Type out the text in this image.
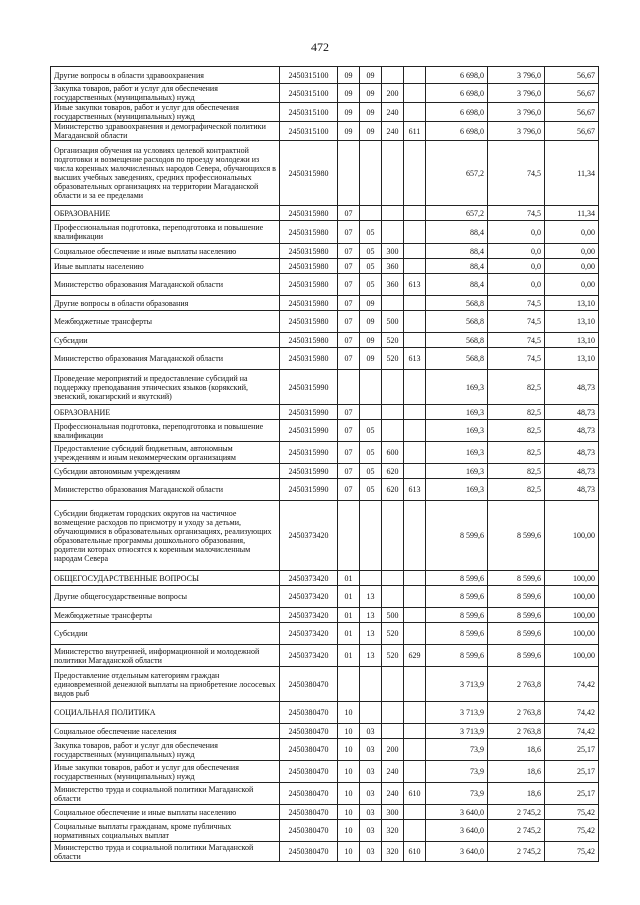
472
Другие вопросы в области здравоохранения	2450315100	09	09			6 698,0	3 796,0	56,67
Закупка товаров, работ и услуг для обеспечения государственных (муниципальных) нужд	2450315100	09	09	200		6 698,0	3 796,0	56,67
Иные закупки товаров, работ и услуг для обеспечения государственных (муниципальных) нужд	2450315100	09	09	240		6 698,0	3 796,0	56,67
Министерство здравоохранения и демографической политики Магаданской области	2450315100	09	09	240	611	6 698,0	3 796,0	56,67
Организация обучения на условиях целевой контрактной подготовки и возмещение расходов по проезду молодежи из числа коренных малочисленных народов Севера, обучающихся в высших учебных заведениях, средних профессиональных образовательных организациях на территории Магаданской области и за ее пределами	2450315980					657,2	74,5	11,34
ОБРАЗОВАНИЕ	2450315980	07				657,2	74,5	11,34
Профессиональная подготовка, переподготовка и повышение квалификации	2450315980	07	05			88,4	0,0	0,00
Социальное обеспечение и иные выплаты населению	2450315980	07	05	300		88,4	0,0	0,00
Иные выплаты населению	2450315980	07	05	360		88,4	0,0	0,00
Министерство образования Магаданской области	2450315980	07	05	360	613	88,4	0,0	0,00
Другие вопросы в области образования	2450315980	07	09			568,8	74,5	13,10
Межбюджетные трансферты	2450315980	07	09	500		568,8	74,5	13,10
Субсидии	2450315980	07	09	520		568,8	74,5	13,10
Министерство образования Магаданской области	2450315980	07	09	520	613	568,8	74,5	13,10
Проведение мероприятий и предоставление субсидий на поддержку преподавания этнических языков (корякский, эвенский, юкагирский и якутский)	2450315990					169,3	82,5	48,73
ОБРАЗОВАНИЕ	2450315990	07				169,3	82,5	48,73
Профессиональная подготовка, переподготовка и повышение квалификации	2450315990	07	05			169,3	82,5	48,73
Предоставление субсидий бюджетным, автономным учреждениям и иным некоммерческим организациям	2450315990	07	05	600		169,3	82,5	48,73
Субсидии автономным учреждениям	2450315990	07	05	620		169,3	82,5	48,73
Министерство образования Магаданской области	2450315990	07	05	620	613	169,3	82,5	48,73
Субсидии бюджетам городских округов на частичное возмещение расходов по присмотру и уходу за детьми, обучающимися в образовательных организациях, реализующих образовательные программы дошкольного образования, родители которых относятся к коренным малочисленным народам Севера	2450373420					8 599,6	8 599,6	100,00
ОБЩЕГОСУДАРСТВЕННЫЕ ВОПРОСЫ	2450373420	01				8 599,6	8 599,6	100,00
Другие общегосударственные вопросы	2450373420	01	13			8 599,6	8 599,6	100,00
Межбюджетные трансферты	2450373420	01	13	500		8 599,6	8 599,6	100,00
Субсидии	2450373420	01	13	520		8 599,6	8 599,6	100,00
Министерство внутренней, информационной и молодежной политики Магаданской области	2450373420	01	13	520	629	8 599,6	8 599,6	100,00
Предоставление отдельным категориям граждан единовременной денежной выплаты на приобретение лососевых видов рыб	2450380470					3 713,9	2 763,8	74,42
СОЦИАЛЬНАЯ ПОЛИТИКА	2450380470	10				3 713,9	2 763,8	74,42
Социальное обеспечение населения	2450380470	10	03			3 713,9	2 763,8	74,42
Закупка товаров, работ и услуг для обеспечения государственных (муниципальных) нужд	2450380470	10	03	200		73,9	18,6	25,17
Иные закупки товаров, работ и услуг для обеспечения государственных (муниципальных) нужд	2450380470	10	03	240		73,9	18,6	25,17
Министерство труда и социальной политики Магаданской области	2450380470	10	03	240	610	73,9	18,6	25,17
Социальное обеспечение и иные выплаты населению	2450380470	10	03	300		3 640,0	2 745,2	75,42
Социальные выплаты гражданам, кроме публичных нормативных социальных выплат	2450380470	10	03	320		3 640,0	2 745,2	75,42
Министерство труда и социальной политики Магаданской области	2450380470	10	03	320	610	3 640,0	2 745,2	75,42
